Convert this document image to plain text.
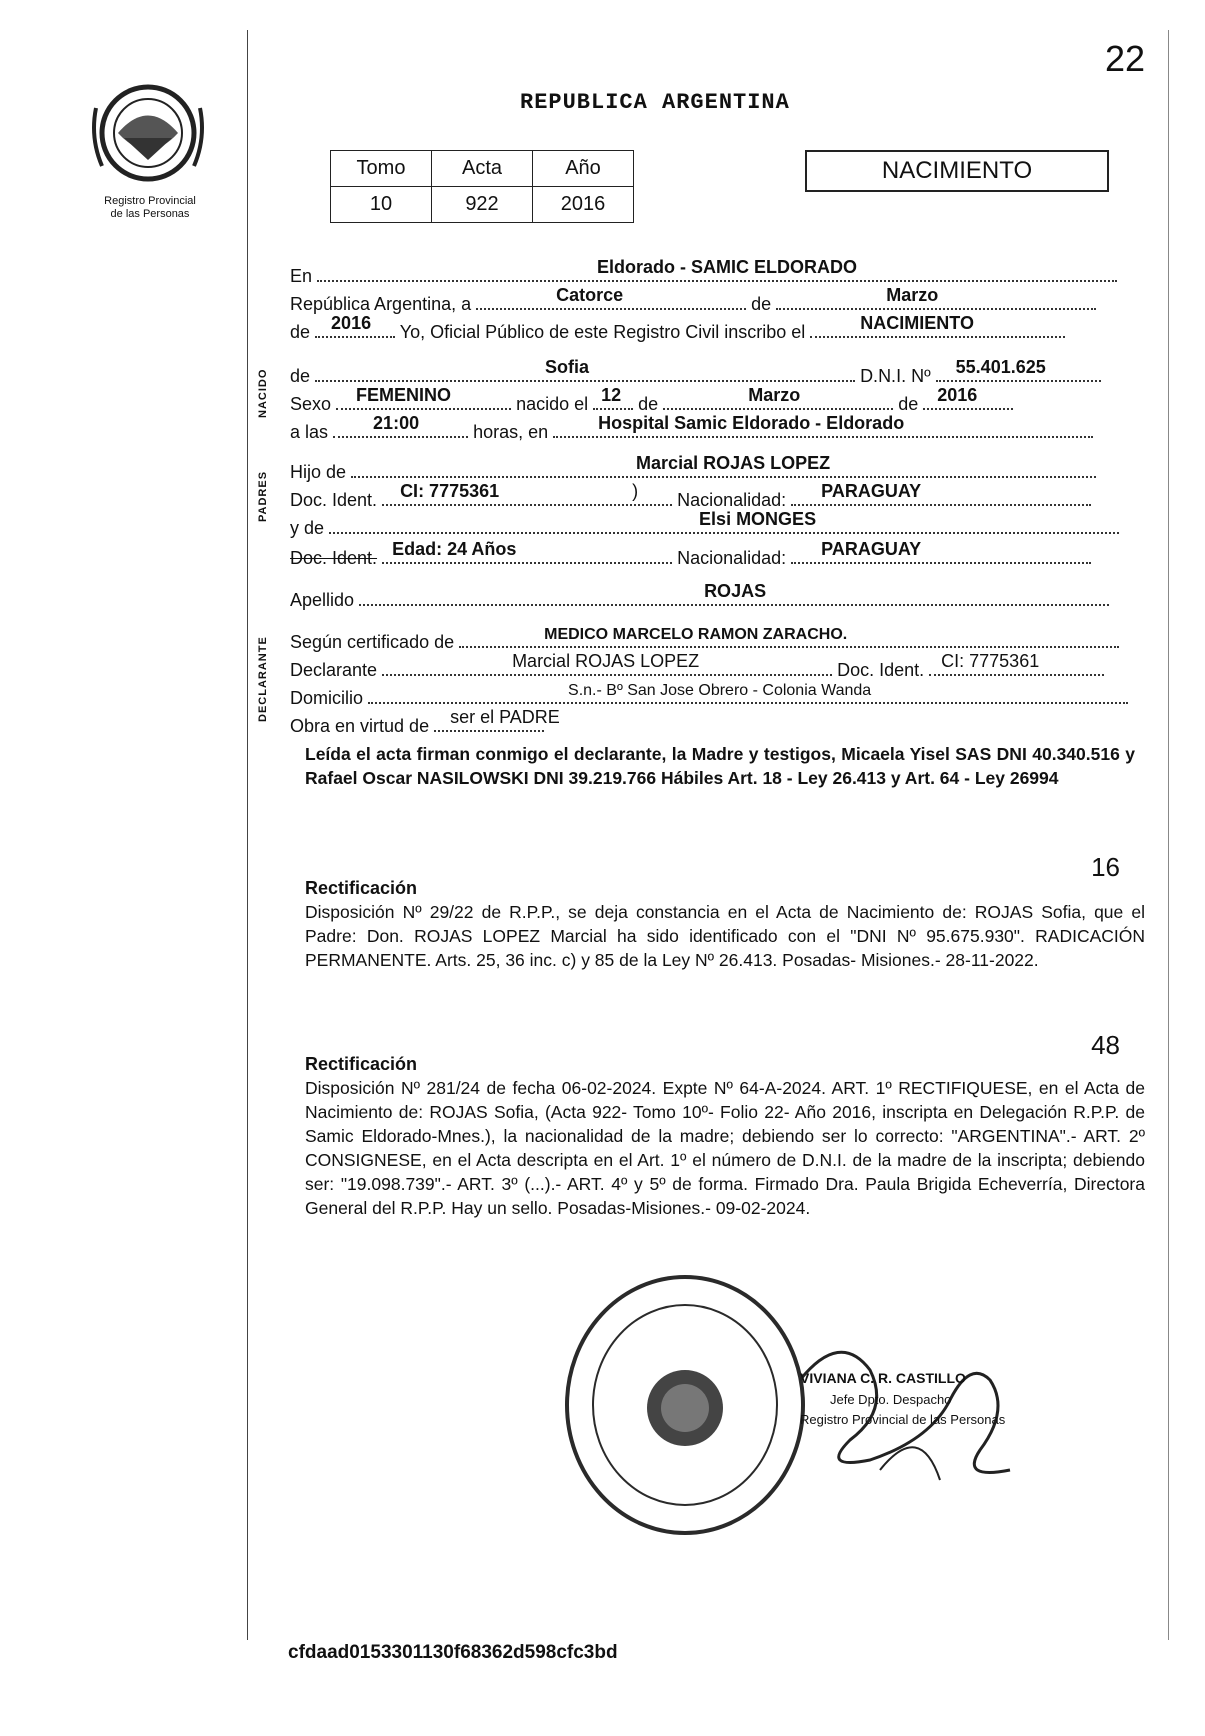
Registro Provincial
de las Personas
22
REPUBLICA ARGENTINA
Tomo	Acta	Año
10	922	2016
NACIMIENTO
En	Eldorado - SAMIC ELDORADO
República Argentina, a	Catorce	de	Marzo
de 2016 Yo, Oficial Público de este Registro Civil inscribo el	NACIMIENTO
de	Sofia	D.N.I. Nº 55.401.625
Sexo FEMENINO	nacido el 12 de	Marzo	de 2016
a las	21:00	horas, en	Hospital Samic Eldorado - Eldorado
Hijo de	Marcial ROJAS LOPEZ
Doc. Ident. CI: 7775361	) Nacionalidad: PARAGUAY
y de	Elsi MONGES
Doc. Ident. Edad: 24 Años	Nacionalidad: PARAGUAY
Apellido	ROJAS
Según certificado de	MEDICO MARCELO RAMON ZARACHO.
Declarante	Marcial ROJAS LOPEZ	Doc. Ident. CI: 7775361
Domicilio	S.n.- Bº San Jose Obrero - Colonia Wanda
Obra en virtud de ser el PADRE
NACIDO
PADRES
DECLARANTE
Leída el acta firman conmigo el declarante, la Madre y testigos, Micaela Yisel SAS DNI 40.340.516 y Rafael Oscar NASILOWSKI DNI 39.219.766 Hábiles Art. 18 - Ley 26.413 y Art. 64 - Ley 26994
16
Rectificación
Disposición Nº 29/22 de R.P.P., se deja constancia en el Acta de Nacimiento de: ROJAS Sofia, que el Padre: Don. ROJAS LOPEZ Marcial ha sido identificado con el "DNI Nº 95.675.930". RADICACIÓN PERMANENTE. Arts. 25, 36 inc. c) y 85 de la Ley Nº 26.413. Posadas- Misiones.- 28-11-2022.
48
Rectificación
Disposición Nº 281/24 de fecha 06-02-2024. Expte Nº 64-A-2024. ART. 1º RECTIFIQUESE, en el Acta de Nacimiento de: ROJAS Sofia, (Acta 922- Tomo 10º- Folio 22- Año 2016, inscripta en Delegación R.P.P. de Samic Eldorado-Mnes.), la nacionalidad de la madre; debiendo ser lo correcto: "ARGENTINA".- ART. 2º CONSIGNESE, en el Acta descripta en el Art. 1º el número de D.N.I. de la madre de la inscripta; debiendo ser: "19.098.739".- ART. 3º (...).- ART. 4º y 5º de forma. Firmado Dra. Paula Brigida Echeverría, Directora General del R.P.P. Hay un sello. Posadas-Misiones.- 09-02-2024.
VIVIANA C. R. CASTILLO
Jefe Dpto. Despacho
Registro Provincial de las Personas
cfdaad0153301130f68362d598cfc3bd
